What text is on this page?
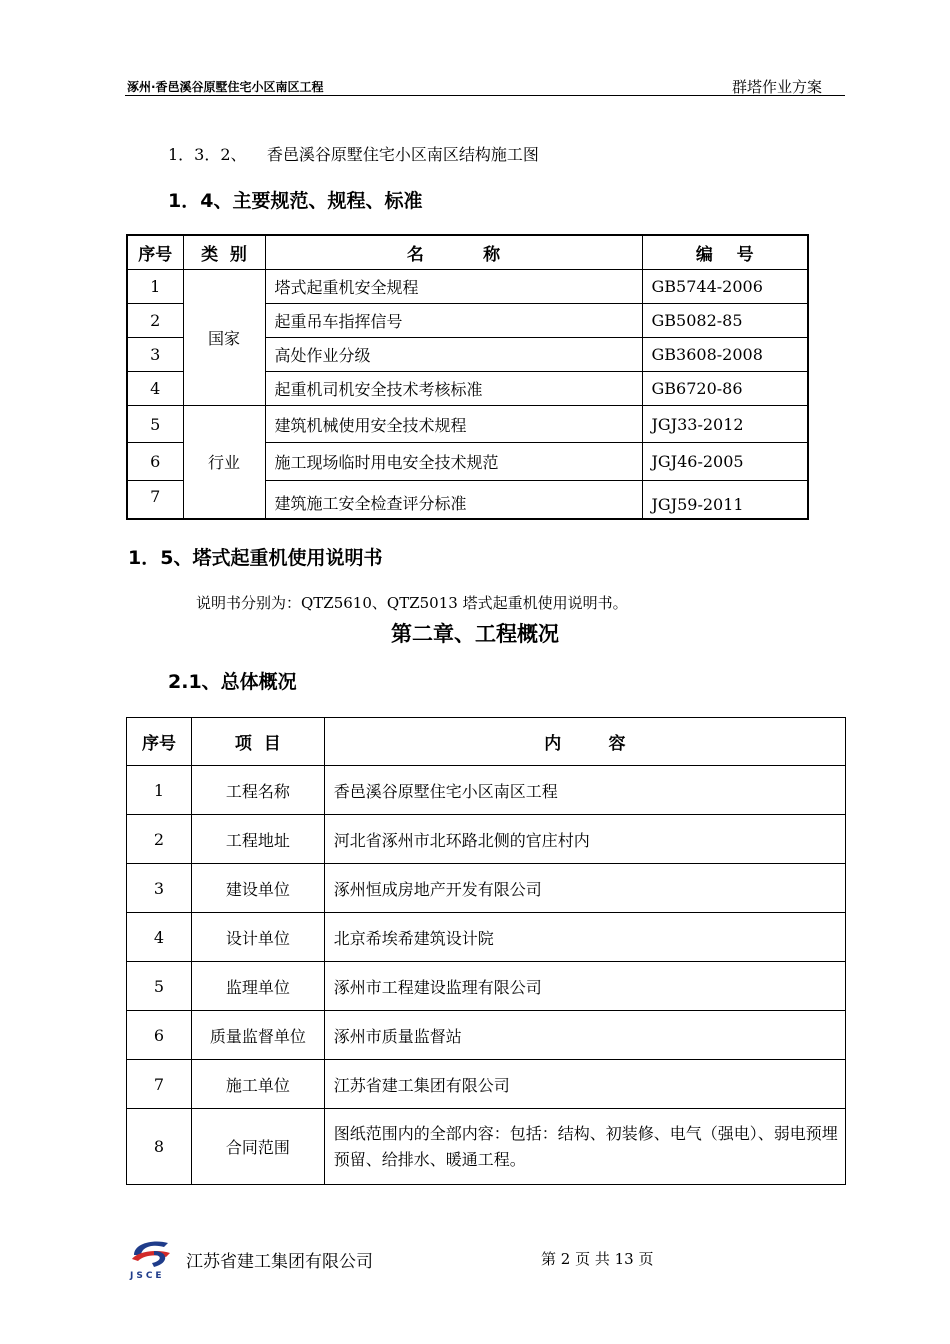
涿州·香邑溪谷原墅住宅小区南区工程	群塔作业方案
1．3．2、    香邑溪谷原墅住宅小区南区结构施工图
1．4、主要规范、规程、标准
序号	类  别	名          称	编    号
1	国家	塔式起重机安全规程	GB5744-2006
2		起重吊车指挥信号	GB5082-85
3		高处作业分级	GB3608-2008
4		起重机司机安全技术考核标准	GB6720-86
5	行业	建筑机械使用安全技术规程	JGJ33-2012
6		施工现场临时用电安全技术规范	JGJ46-2005
7		建筑施工安全检查评分标准	JGJ59-2011
1．5、塔式起重机使用说明书
说明书分别为：QTZ5610、QTZ5013 塔式起重机使用说明书。
第二章、工程概况
2.1、总体概况
序号	项  目	内        容
1	工程名称	香邑溪谷原墅住宅小区南区工程
2	工程地址	河北省涿州市北环路北侧的官庄村内
3	建设单位	涿州恒成房地产开发有限公司
4	设计单位	北京希埃希建筑设计院
5	监理单位	涿州市工程建设监理有限公司
6	质量监督单位	涿州市质量监督站
7	施工单位	江苏省建工集团有限公司
8	合同范围	图纸范围内的全部内容：包括：结构、初装修、电气（强电）、弱电预埋预留、给排水、暖通工程。
JSCE
江苏省建工集团有限公司	第 2 页 共 13 页
